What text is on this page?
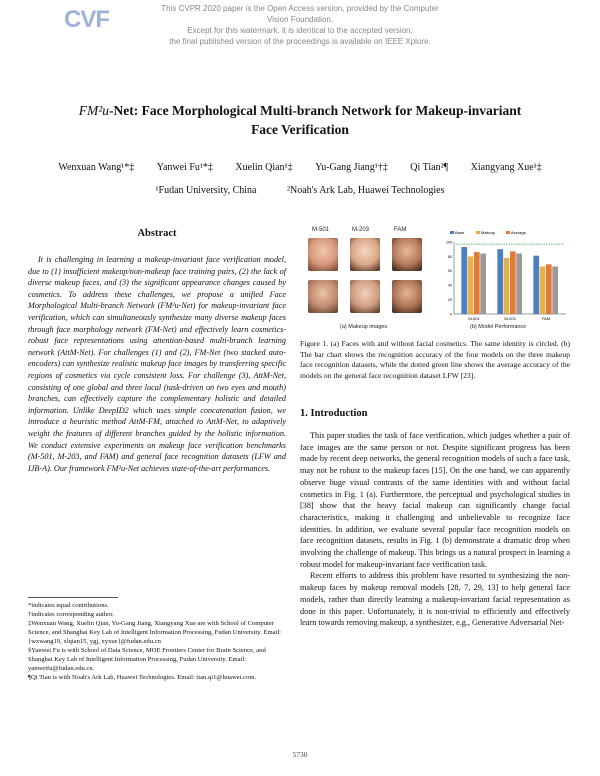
CVF	This CVPR 2020 paper is the Open Access version, provided by the Computer Vision Foundation.
Except for this watermark, it is identical to the accepted version;
the final published version of the proceedings is available on IEEE Xplore.
FM²u-Net: Face Morphological Multi-branch Network for Makeup-invariant
Face Verification
Wenxuan Wang¹*‡ Yanwei Fu¹*‡ Xuelin Qian¹‡ Yu-Gang Jiang¹†‡ Qi Tian²¶ Xiangyang Xue¹‡
¹Fudan University, China	²Noah's Ark Lab, Huawei Technologies
Abstract

It is challenging in learning a makeup-invariant face verification model, due to (1) insufficient makeup/non-makeup face training pairs, (2) the lack of diverse makeup faces, and (3) the significant appearance changes caused by cosmetics. To address these challenges, we propose a unified Face Morphological Multi-branch Network (FM²u-Net) for makeup-invariant face verification, which can simultaneously synthesize many diverse makeup faces through face morphology network (FM-Net) and effectively learn cosmetics-robust face representations using attention-based multi-branch learning network (AttM-Net). For challenges (1) and (2), FM-Net (two stacked auto-encoders) can synthesize realistic makeup face images by transferring specific regions of cosmetics via cycle consistent loss. For challenge (3), AttM-Net, consisting of one global and three local (task-driven on two eyes and mouth) branches, can effectively capture the complementary holistic and detailed information. Unlike DeepID2 which uses simple concatenation fusion, we introduce a heuristic method AttM-FM, attached to AttM-Net, to adaptively weight the features of different branches guided by the holistic information. We conduct extensive experiments on makeup face verification benchmarks (M-501, M-203, and FAM) and general face recognition datasets (LFW and IJB-A). Our framework FM²u-Net achieves state-of-the-art performances.

*indicates equal contributions.

†indicates corresponding author.

‡Wenxuan Wang, Xuelin Qian, Yu-Gang Jiang, Xiangyang Xue are with School of Computer Science, and Shanghai Key Lab of Intelligent Information Processing, Fudan University. Email: {wxwang19, xlqian15, ygj, xyxue}@fudan.edu.cn

§Yanwei Fu is with School of Data Science, MOE Frontiers Center for Brain Science, and Shanghai Key Lab of Intelligent Information Processing, Fudan University. Email: yanweifu@fudan.edu.cn.

¶Qi Tian is with Noah's Ark Lab, Huawei Technologies. Email: tian.qi1@huawei.com.

M-501	M-203	FAM
(a) Makeup images
Base	Makeup	Average
M-501	M-203	FAM
0
20
40
60
80
100
(b) Model Performance

Figure 1. (a) Faces with and without facial cosmetics. The same identity is circled. (b) The bar chart shows the recognition accuracy of the four models on the three makeup face recognition datasets, while the dotted green line shows the average accuracy of the models on the general face recognition dataset LFW [23].

1. Introduction

This paper studies the task of face verification, which judges whether a pair of face images are the same person or not. Despite significant progress has been made by recent deep networks, the general recognition models of such a face task, may not be robust to the makeup faces [15]. On the one hand, we can apparently observe huge visual contrasts of the same identities with and without facial cosmetics in Fig. 1 (a). Furthermore, the perceptual and psychological studies in [38] show that the heavy facial makeup can significantly change facial characteristics, making it challenging and unbelievable to recognize face identities. In addition, we evaluate several popular face recognition models on face recognition datasets, results in Fig. 1 (b) demonstrate a dramatic drop when involving the challenge of makeup. This brings us a natural prospect in learning a robust model for makeup-invariant face verification task.

Recent efforts to address this problem have resorted to synthesizing the non-makeup faces by makeup removal models [28, 7, 29, 13] to help general face models, rather than directly learning a makeup-invariant facial representation as done in this paper. Unfortunately, it is non-trivial to efficiently and effectively learn towards removing makeup, a synthesizer, e.g., Generative Adversarial Net-

5730
